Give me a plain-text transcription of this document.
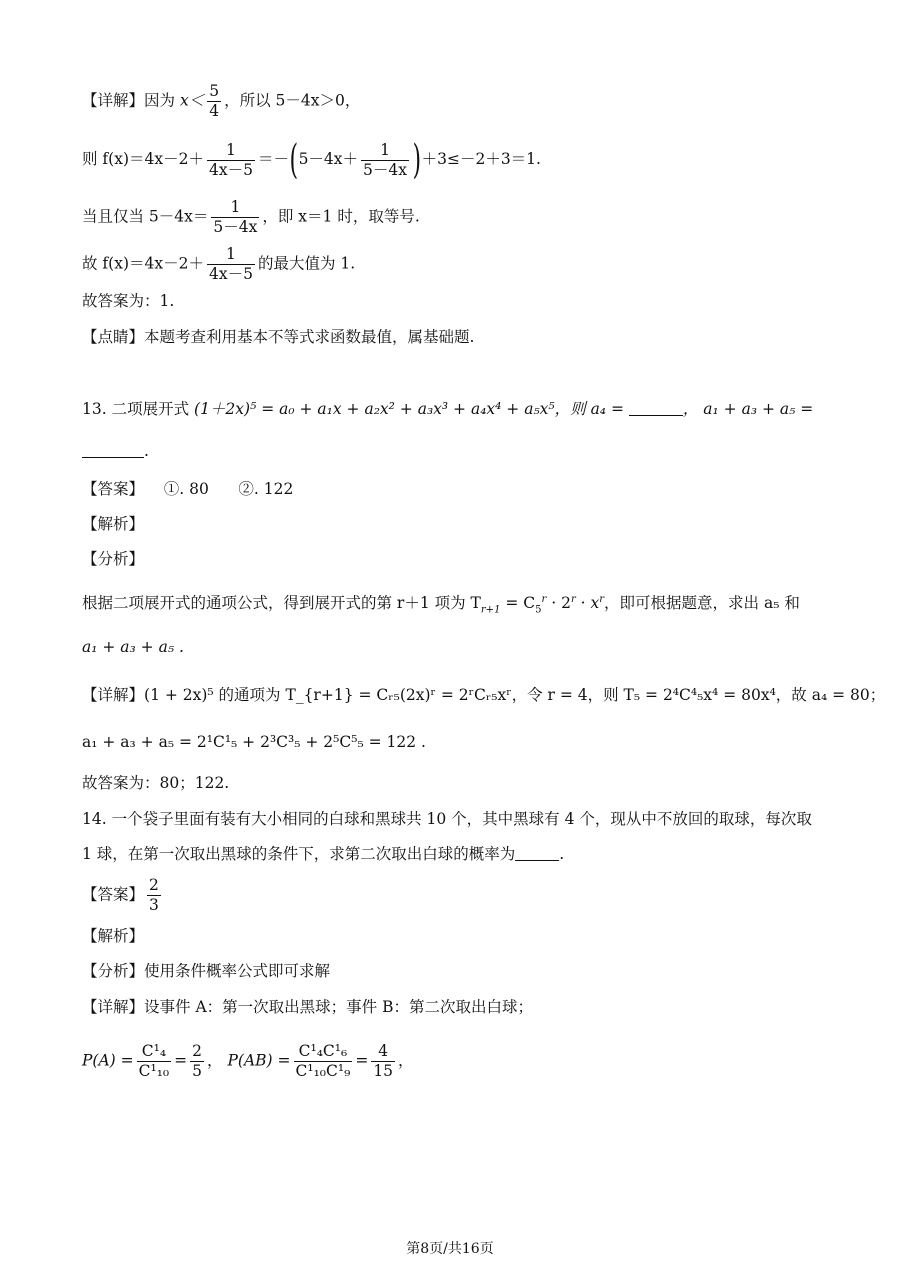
【详解】因为 $x< \frac{5}{4}$ ，所以 5－4x＞0，
则 $f(x)=4x-2+ \frac{1}{4x-5} =-(5-4x+ \frac{1}{5-4x} )+3\le-2+3=1$.
当且仅当 $5-4x= \frac{1}{5-4x}$ ，即 x＝1 时，取等号.
故 $f(x)=4x-2+ \frac{1}{4x-5}$ 的最大值为 1.
故答案为：1.
【点睛】本题考查利用基本不等式求函数最值，属基础题.
13. 二项展开式 (1＋2x)⁵ = a₀ + a₁x + a₂x² + a₃x³ + a₄x⁴ + a₅x⁵，则 a₄ =	， a₁ + a₃ + a₅ =
.
【答案】 ①. 80      ②. 122
【解析】
【分析】
根据二项展开式的通项公式，得到展开式的第 r＋1 项为 $T_{r+1} = C_5^r \cdot 2^r \cdot x^r$，即可根据题意，求出 a₅ 和
a₁ + a₃ + a₅ .
【详解】(1 + 2x)⁵ 的通项为 T_{r+1} = Cᵣ₅(2x)ʳ = 2ʳCᵣ₅xʳ，令 r = 4，则 T₅ = 2⁴C⁴₅x⁴ = 80x⁴，故 a₄ = 80；
a₁ + a₃ + a₅ = 2¹C¹₅ + 2³C³₅ + 2⁵C⁵₅ = 122 .
故答案为：80；122.
14. 一个袋子里面有装有大小相同的白球和黑球共 10 个，其中黑球有 4 个，现从中不放回的取球，每次取
1 球，在第一次取出黑球的条件下，求第二次取出白球的概率为	.
【答案】 $\frac{2}{3}$
【解析】
【分析】使用条件概率公式即可求解
【详解】设事件 A：第一次取出黑球；事件 B：第二次取出白球；
$P(A) = \frac{\text{C¹₄}}{\text{C¹₁₀}} = \frac{2}{5}$ ， $P(AB) = \frac{\text{C¹₄C¹₆}}{\text{C¹₁₀C¹₉}} = \frac{4}{15}$ ，
第8页/共16页
